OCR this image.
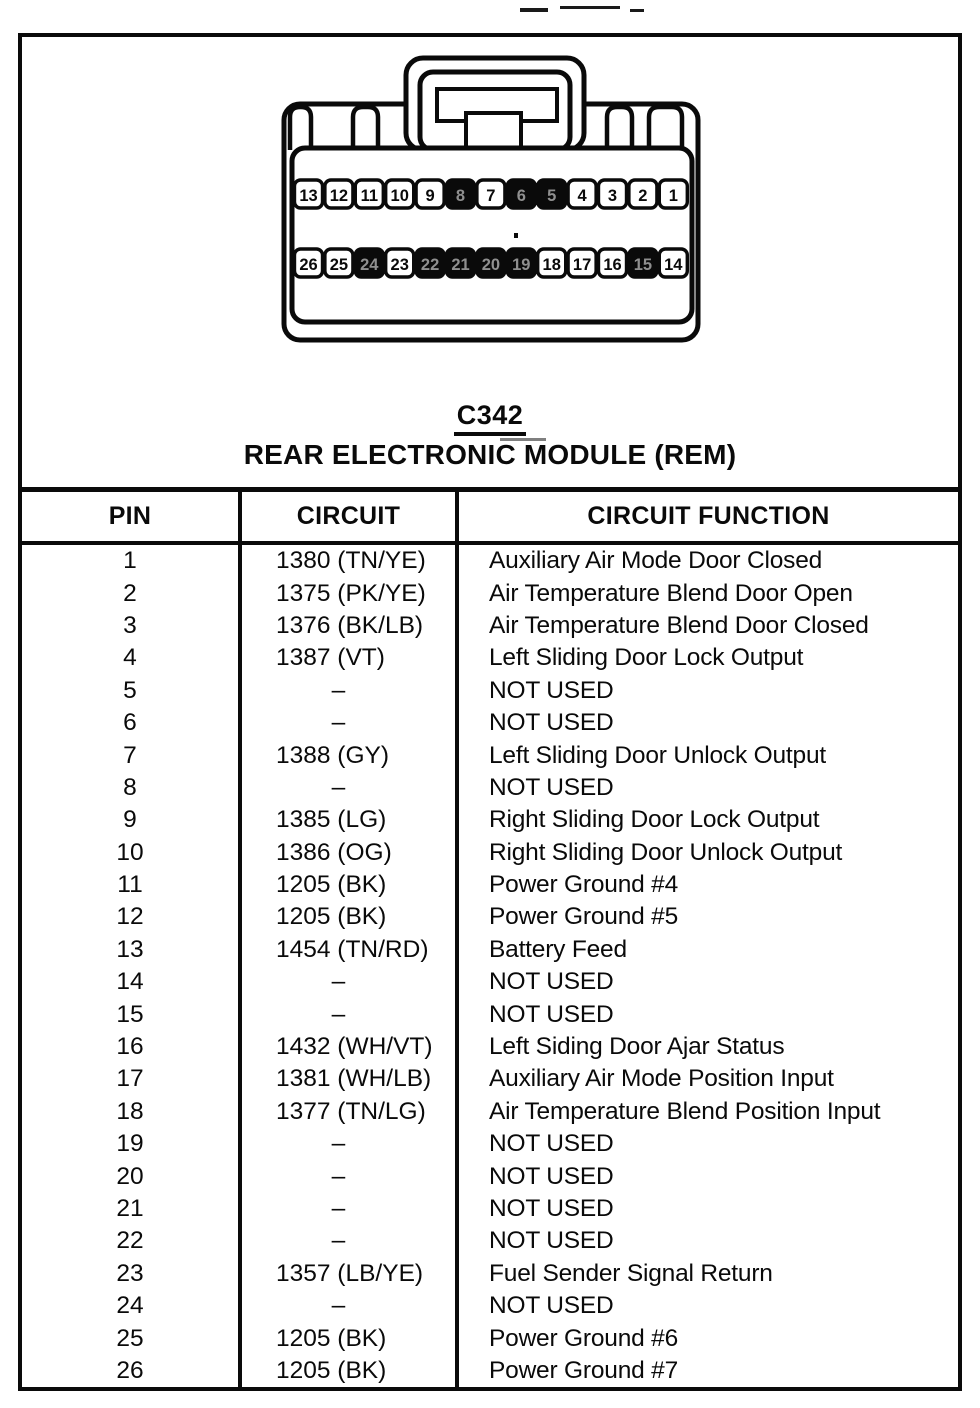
13 12 11 10 9 8 7 6 5 4 3 2 1
26 25 24 23 22 21 20 19 18 17 16 15 14
C342
REAR ELECTRONIC MODULE (REM)
PIN	CIRCUIT	CIRCUIT FUNCTION
1	1380 (TN/YE)	Auxiliary Air Mode Door Closed
2	1375 (PK/YE)	Air Temperature Blend Door Open
3	1376 (BK/LB)	Air Temperature Blend Door Closed
4	1387 (VT)	Left Sliding Door Lock Output
5	–	NOT USED
6	–	NOT USED
7	1388 (GY)	Left Sliding Door Unlock Output
8	–	NOT USED
9	1385 (LG)	Right Sliding Door Lock Output
10	1386 (OG)	Right Sliding Door Unlock Output
11	1205 (BK)	Power Ground #4
12	1205 (BK)	Power Ground #5
13	1454 (TN/RD)	Battery Feed
14	–	NOT USED
15	–	NOT USED
16	1432 (WH/VT)	Left Siding Door Ajar Status
17	1381 (WH/LB)	Auxiliary Air Mode Position Input
18	1377 (TN/LG)	Air Temperature Blend Position Input
19	–	NOT USED
20	–	NOT USED
21	–	NOT USED
22	–	NOT USED
23	1357 (LB/YE)	Fuel Sender Signal Return
24	–	NOT USED
25	1205 (BK)	Power Ground #6
26	1205 (BK)	Power Ground #7
